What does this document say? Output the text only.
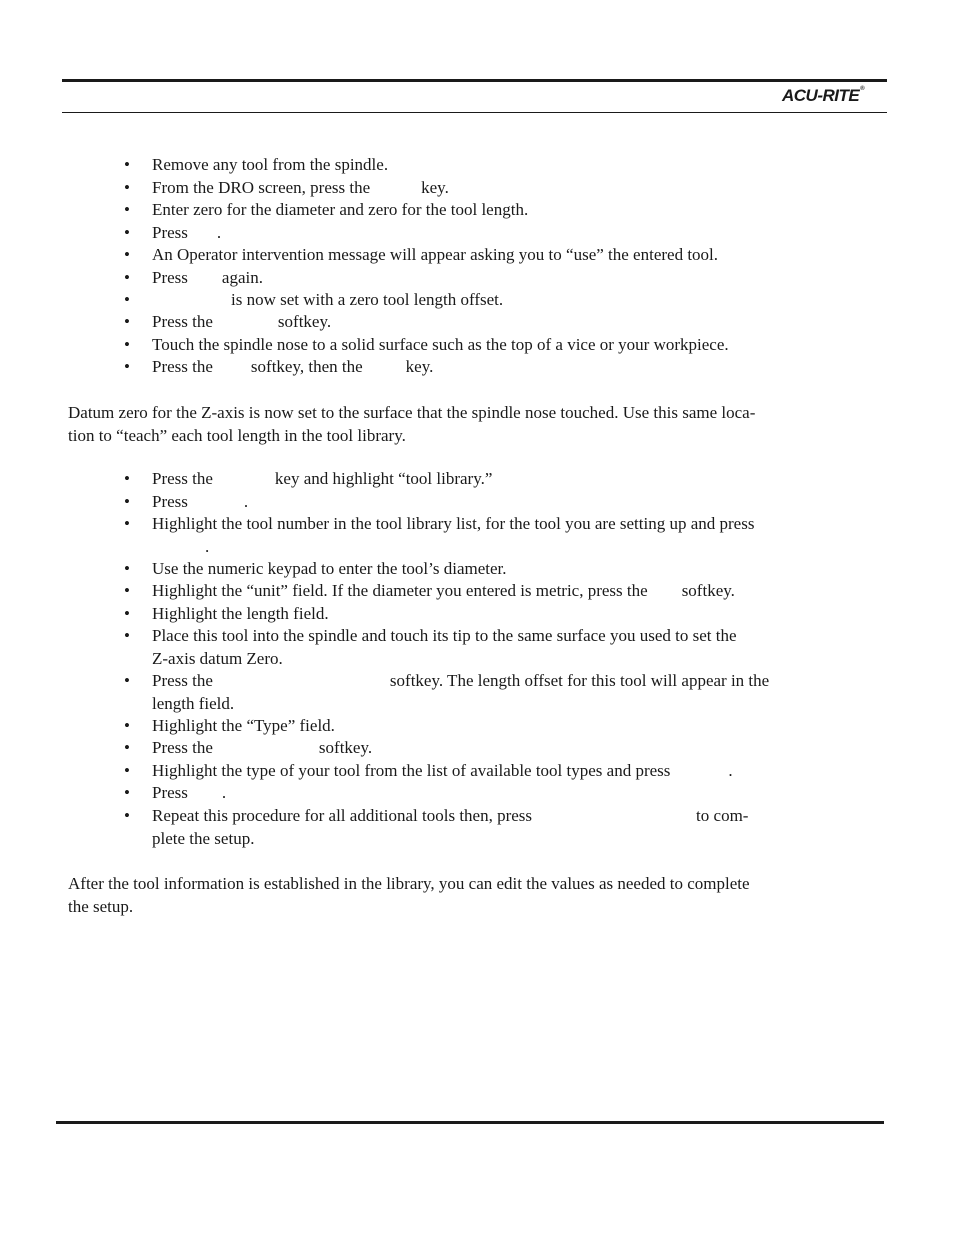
ACU-RITE®
• Remove any tool from the spindle.
• From the DRO screen, press the	key.
• Enter zero for the diameter and zero for the tool length.
• Press .
• An Operator intervention message will appear asking you to “use” the entered tool.
• Press again.
•	is now set with a zero tool length offset.
• Press the	softkey.
• Touch the spindle nose to a solid surface such as the top of a vice or your workpiece.
• Press the softkey, then the	key.
Datum zero for the Z-axis is now set to the surface that the spindle nose touched. Use this same loca-
tion to “teach” each tool length in the tool library.
• Press the	key and highlight “tool library.”
• Press	.
• Highlight the tool number in the tool library list, for the tool you are setting up and press
.
• Use the numeric keypad to enter the tool’s diameter.
• Highlight the “unit” field. If the diameter you entered is metric, press the softkey.
• Highlight the length field.
• Place this tool into the spindle and touch its tip to the same surface you used to set the
Z-axis datum Zero.
• Press the	softkey. The length offset for this tool will appear in the
length field.
• Highlight the “Type” field.
• Press the	softkey.
• Highlight the type of your tool from the list of available tool types and press	.
• Press .
• Repeat this procedure for all additional tools then, press	to com-
plete the setup.
After the tool information is established in the library, you can edit the values as needed to complete
the setup.
